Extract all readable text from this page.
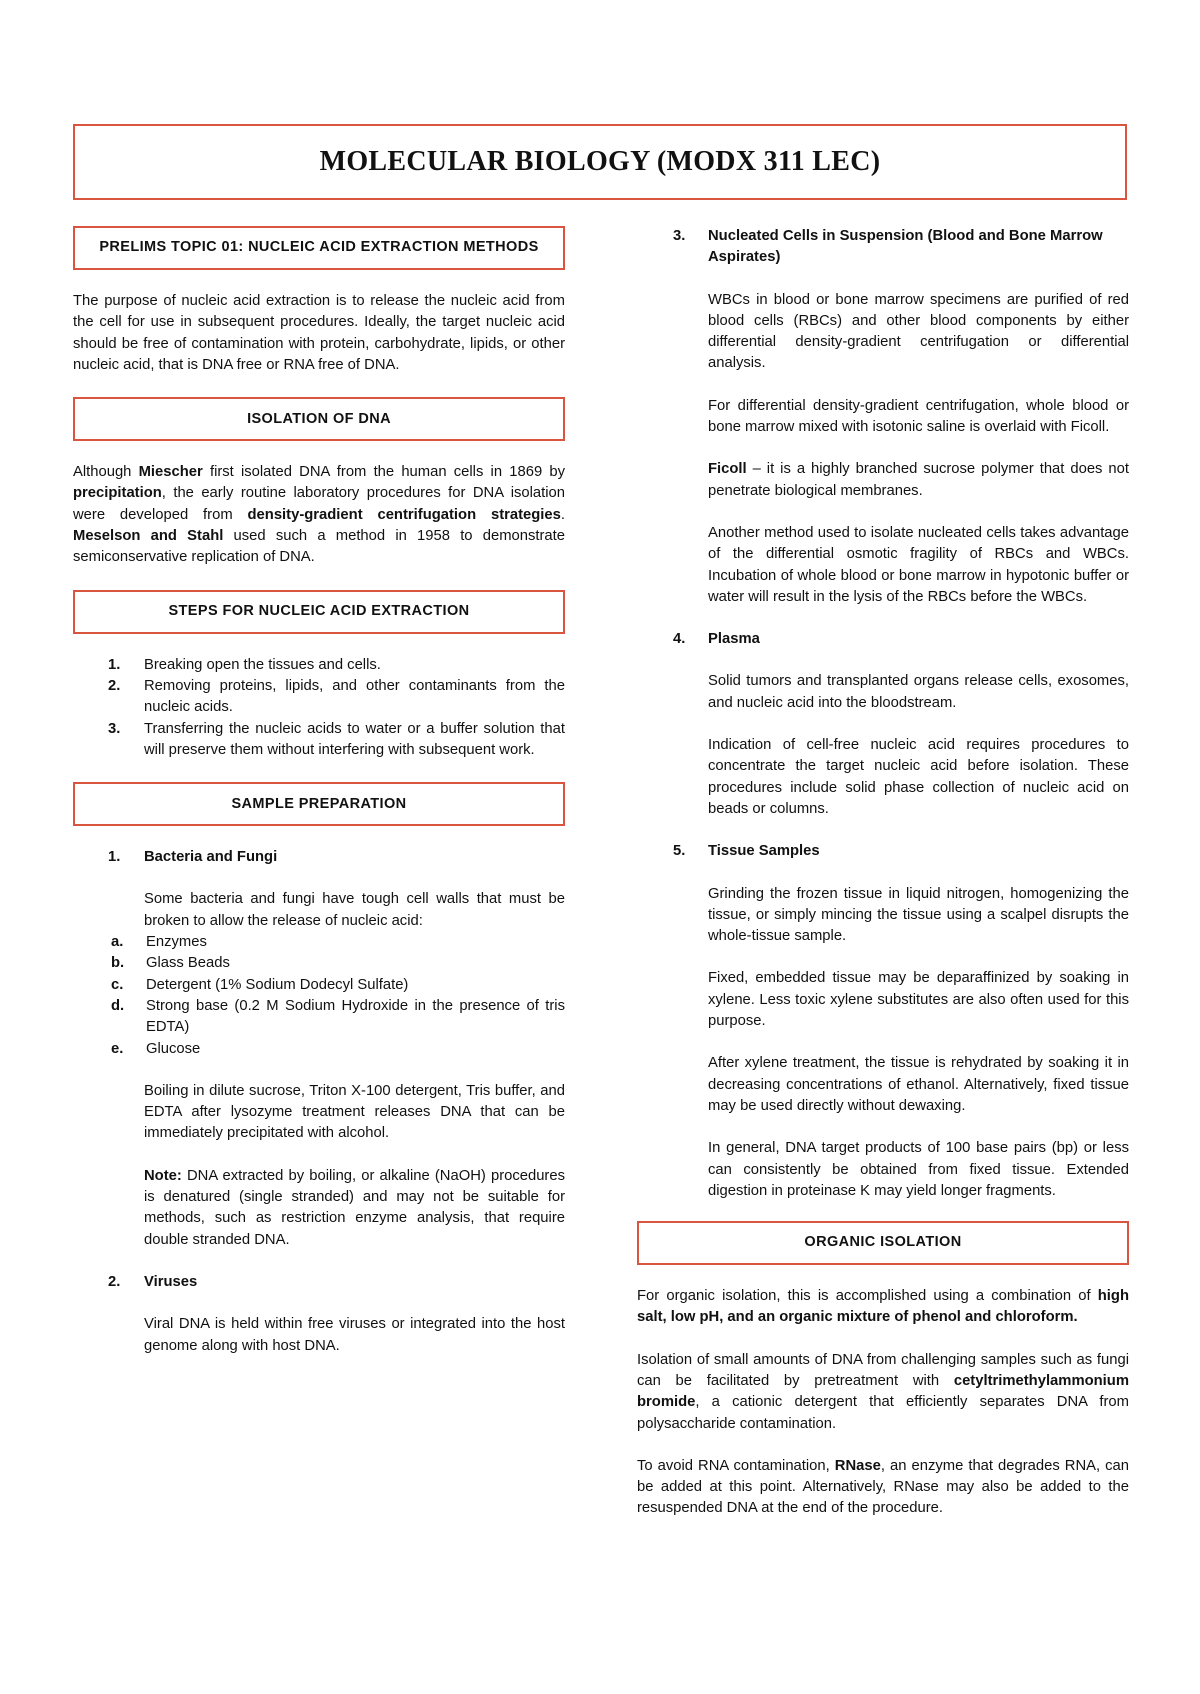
MOLECULAR BIOLOGY (MODX 311 LEC)
PRELIMS TOPIC 01: NUCLEIC ACID EXTRACTION METHODS

The purpose of nucleic acid extraction is to release the nucleic acid from the cell for use in subsequent procedures. Ideally, the target nucleic acid should be free of contamination with protein, carbohydrate, lipids, or other nucleic acid, that is DNA free or RNA free of DNA.

ISOLATION OF DNA

Although Miescher first isolated DNA from the human cells in 1869 by precipitation, the early routine laboratory procedures for DNA isolation were developed from density-gradient centrifugation strategies. Meselson and Stahl used such a method in 1958 to demonstrate semiconservative replication of DNA.

STEPS FOR NUCLEIC ACID EXTRACTION
1.	Breaking open the tissues and cells.
2.	Removing proteins, lipids, and other contaminants from the nucleic acids.
3.	Transferring the nucleic acids to water or a buffer solution that will preserve them without interfering with subsequent work.
SAMPLE PREPARATION
1.	Bacteria and Fungi
Some bacteria and fungi have tough cell walls that must be broken to allow the release of nucleic acid:
a.	Enzymes
b.	Glass Beads
c.	Detergent (1% Sodium Dodecyl Sulfate)
d.	Strong base (0.2 M Sodium Hydroxide in the presence of tris EDTA)
e.	Glucose

Boiling in dilute sucrose, Triton X-100 detergent, Tris buffer, and EDTA after lysozyme treatment releases DNA that can be immediately precipitated with alcohol.

Note: DNA extracted by boiling, or alkaline (NaOH) procedures is denatured (single stranded) and may not be suitable for methods, such as restriction enzyme analysis, that require double stranded DNA.

2.	Viruses
Viral DNA is held within free viruses or integrated into the host genome along with host DNA.
3.	Nucleated Cells in Suspension (Blood and Bone Marrow Aspirates)

WBCs in blood or bone marrow specimens are purified of red blood cells (RBCs) and other blood components by either differential density-gradient centrifugation or differential analysis.

For differential density-gradient centrifugation, whole blood or bone marrow mixed with isotonic saline is overlaid with Ficoll.

Ficoll – it is a highly branched sucrose polymer that does not penetrate biological membranes.

Another method used to isolate nucleated cells takes advantage of the differential osmotic fragility of RBCs and WBCs. Incubation of whole blood or bone marrow in hypotonic buffer or water will result in the lysis of the RBCs before the WBCs.

4.	Plasma

Solid tumors and transplanted organs release cells, exosomes, and nucleic acid into the bloodstream.

Indication of cell-free nucleic acid requires procedures to concentrate the target nucleic acid before isolation. These procedures include solid phase collection of nucleic acid on beads or columns.

5.	Tissue Samples

Grinding the frozen tissue in liquid nitrogen, homogenizing the tissue, or simply mincing the tissue using a scalpel disrupts the whole-tissue sample.

Fixed, embedded tissue may be deparaffinized by soaking in xylene. Less toxic xylene substitutes are also often used for this purpose.

After xylene treatment, the tissue is rehydrated by soaking it in decreasing concentrations of ethanol. Alternatively, fixed tissue may be used directly without dewaxing.

In general, DNA target products of 100 base pairs (bp) or less can consistently be obtained from fixed tissue. Extended digestion in proteinase K may yield longer fragments.

ORGANIC ISOLATION

For organic isolation, this is accomplished using a combination of high salt, low pH, and an organic mixture of phenol and chloroform.

Isolation of small amounts of DNA from challenging samples such as fungi can be facilitated by pretreatment with cetyltrimethylammonium bromide, a cationic detergent that efficiently separates DNA from polysaccharide contamination.

To avoid RNA contamination, RNase, an enzyme that degrades RNA, can be added at this point. Alternatively, RNase may also be added to the resuspended DNA at the end of the procedure.
